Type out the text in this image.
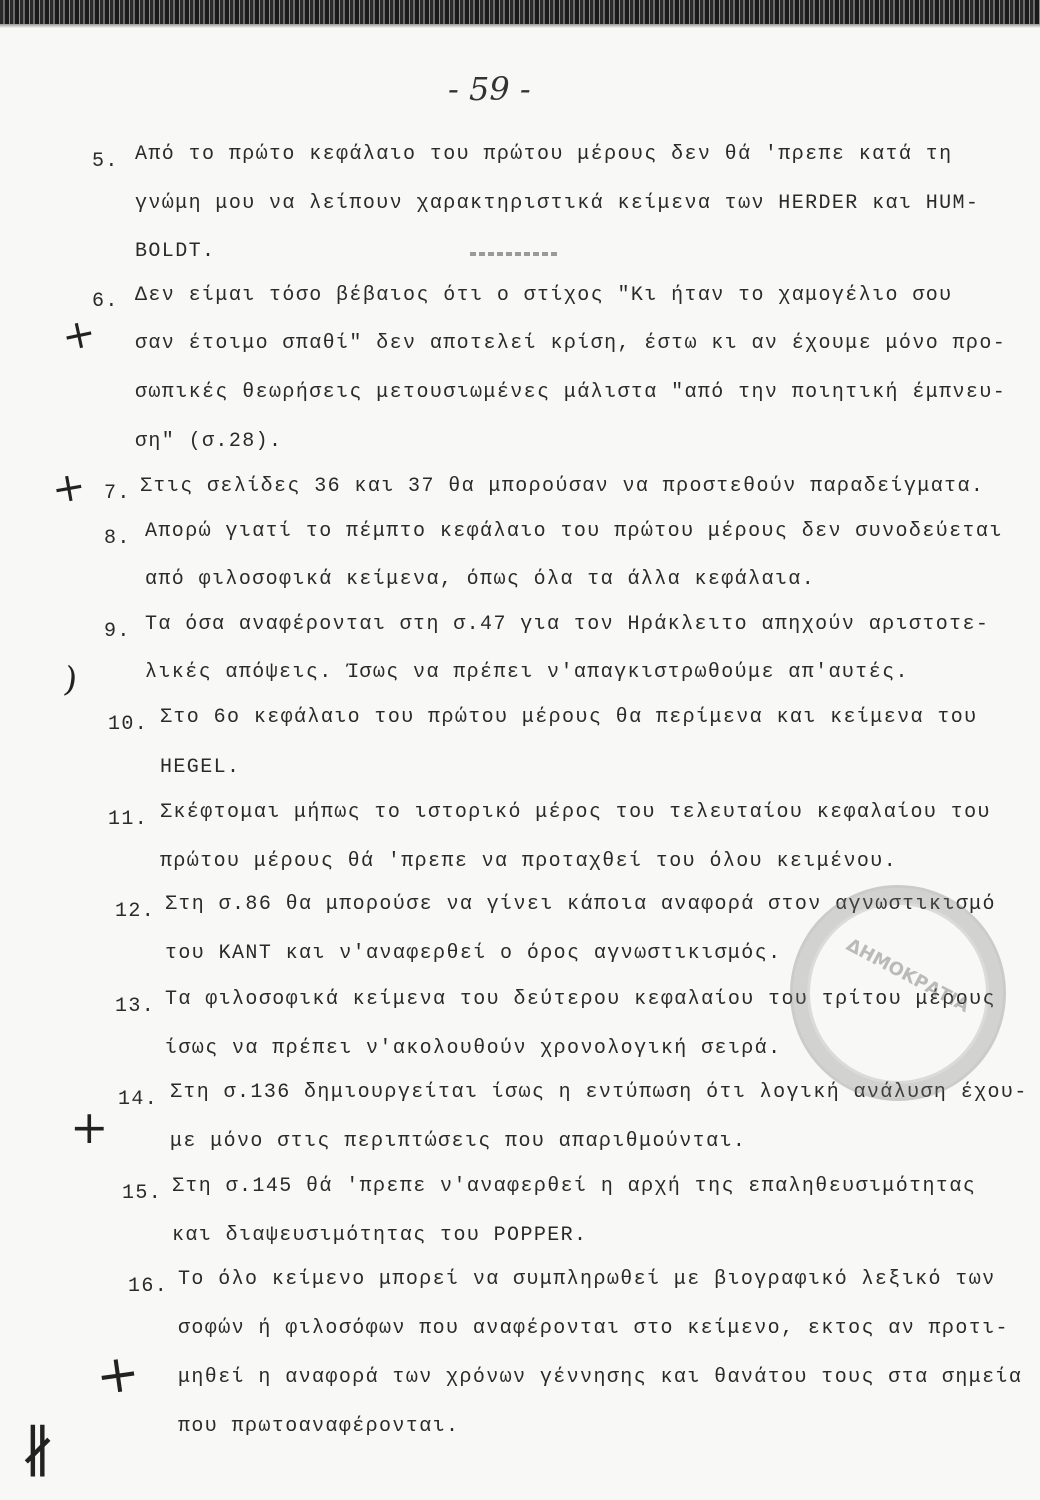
- 59 -
5. Από το πρώτο κεφάλαιο του πρώτου μέρους δεν θά 'πρεπε κατά τη
γνώμη μου να λείπουν χαρακτηριστικά κείμενα των HERDER και HUM-
BOLDT.
6. Δεν είμαι τόσο βέβαιος ότι ο στίχος "Κι ήταν το χαμογέλιο σου
σαν έτοιμο σπαθί" δεν αποτελεί κρίση, έστω κι αν έχουμε μόνο προ-
σωπικές θεωρήσεις μετουσιωμένες μάλιστα "από την ποιητική έμπνευ-
ση" (σ.28).
7. Στις σελίδες 36 και 37 θα μπορούσαν να προστεθούν παραδείγματα.
8. Απορώ γιατί το πέμπτο κεφάλαιο του πρώτου μέρους δεν συνοδεύεται
από φιλοσοφικά κείμενα, όπως όλα τα άλλα κεφάλαια.
9. Τα όσα αναφέρονται στη σ.47 για τον Ηράκλειτο απηχούν αριστοτε-
λικές απόψεις. Ίσως να πρέπει ν'απαγκιστρωθούμε απ'αυτές.
10. Στο 6ο κεφάλαιο του πρώτου μέρους θα περίμενα και κείμενα του
HEGEL.
11. Σκέφτομαι μήπως το ιστορικό μέρος του τελευταίου κεφαλαίου του
πρώτου μέρους θά 'πρεπε να προταχθεί του όλου κειμένου.
12. Στη σ.86 θα μπορούσε να γίνει κάποια αναφορά στον αγνωστικισμό
του KANT και ν'αναφερθεί ο όρος αγνωστικισμός.
13. Τα φιλοσοφικά κείμενα του δεύτερου κεφαλαίου του τρίτου μέρους
ίσως να πρέπει ν'ακολουθούν χρονολογική σειρά.
14. Στη σ.136 δημιουργείται ίσως η εντύπωση ότι λογική ανάλυση έχου-
με μόνο στις περιπτώσεις που απαριθμούνται.
15. Στη σ.145 θά 'πρεπε ν'αναφερθεί η αρχή της επαληθευσιμότητας
και διαψευσιμότητας του POPPER.
16. Το όλο κείμενο μπορεί να συμπληρωθεί με βιογραφικό λεξικό των
σοφών ή φιλοσόφων που αναφέρονται στο κείμενο, εκτος αν προτι-
μηθεί η αναφορά των χρόνων γέννησης και θανάτου τους στα σημεία
που πρωτοαναφέρονται.
+
+
)
+
+
∦
ΔΗΜΟΚΡΑΤΙΑ
